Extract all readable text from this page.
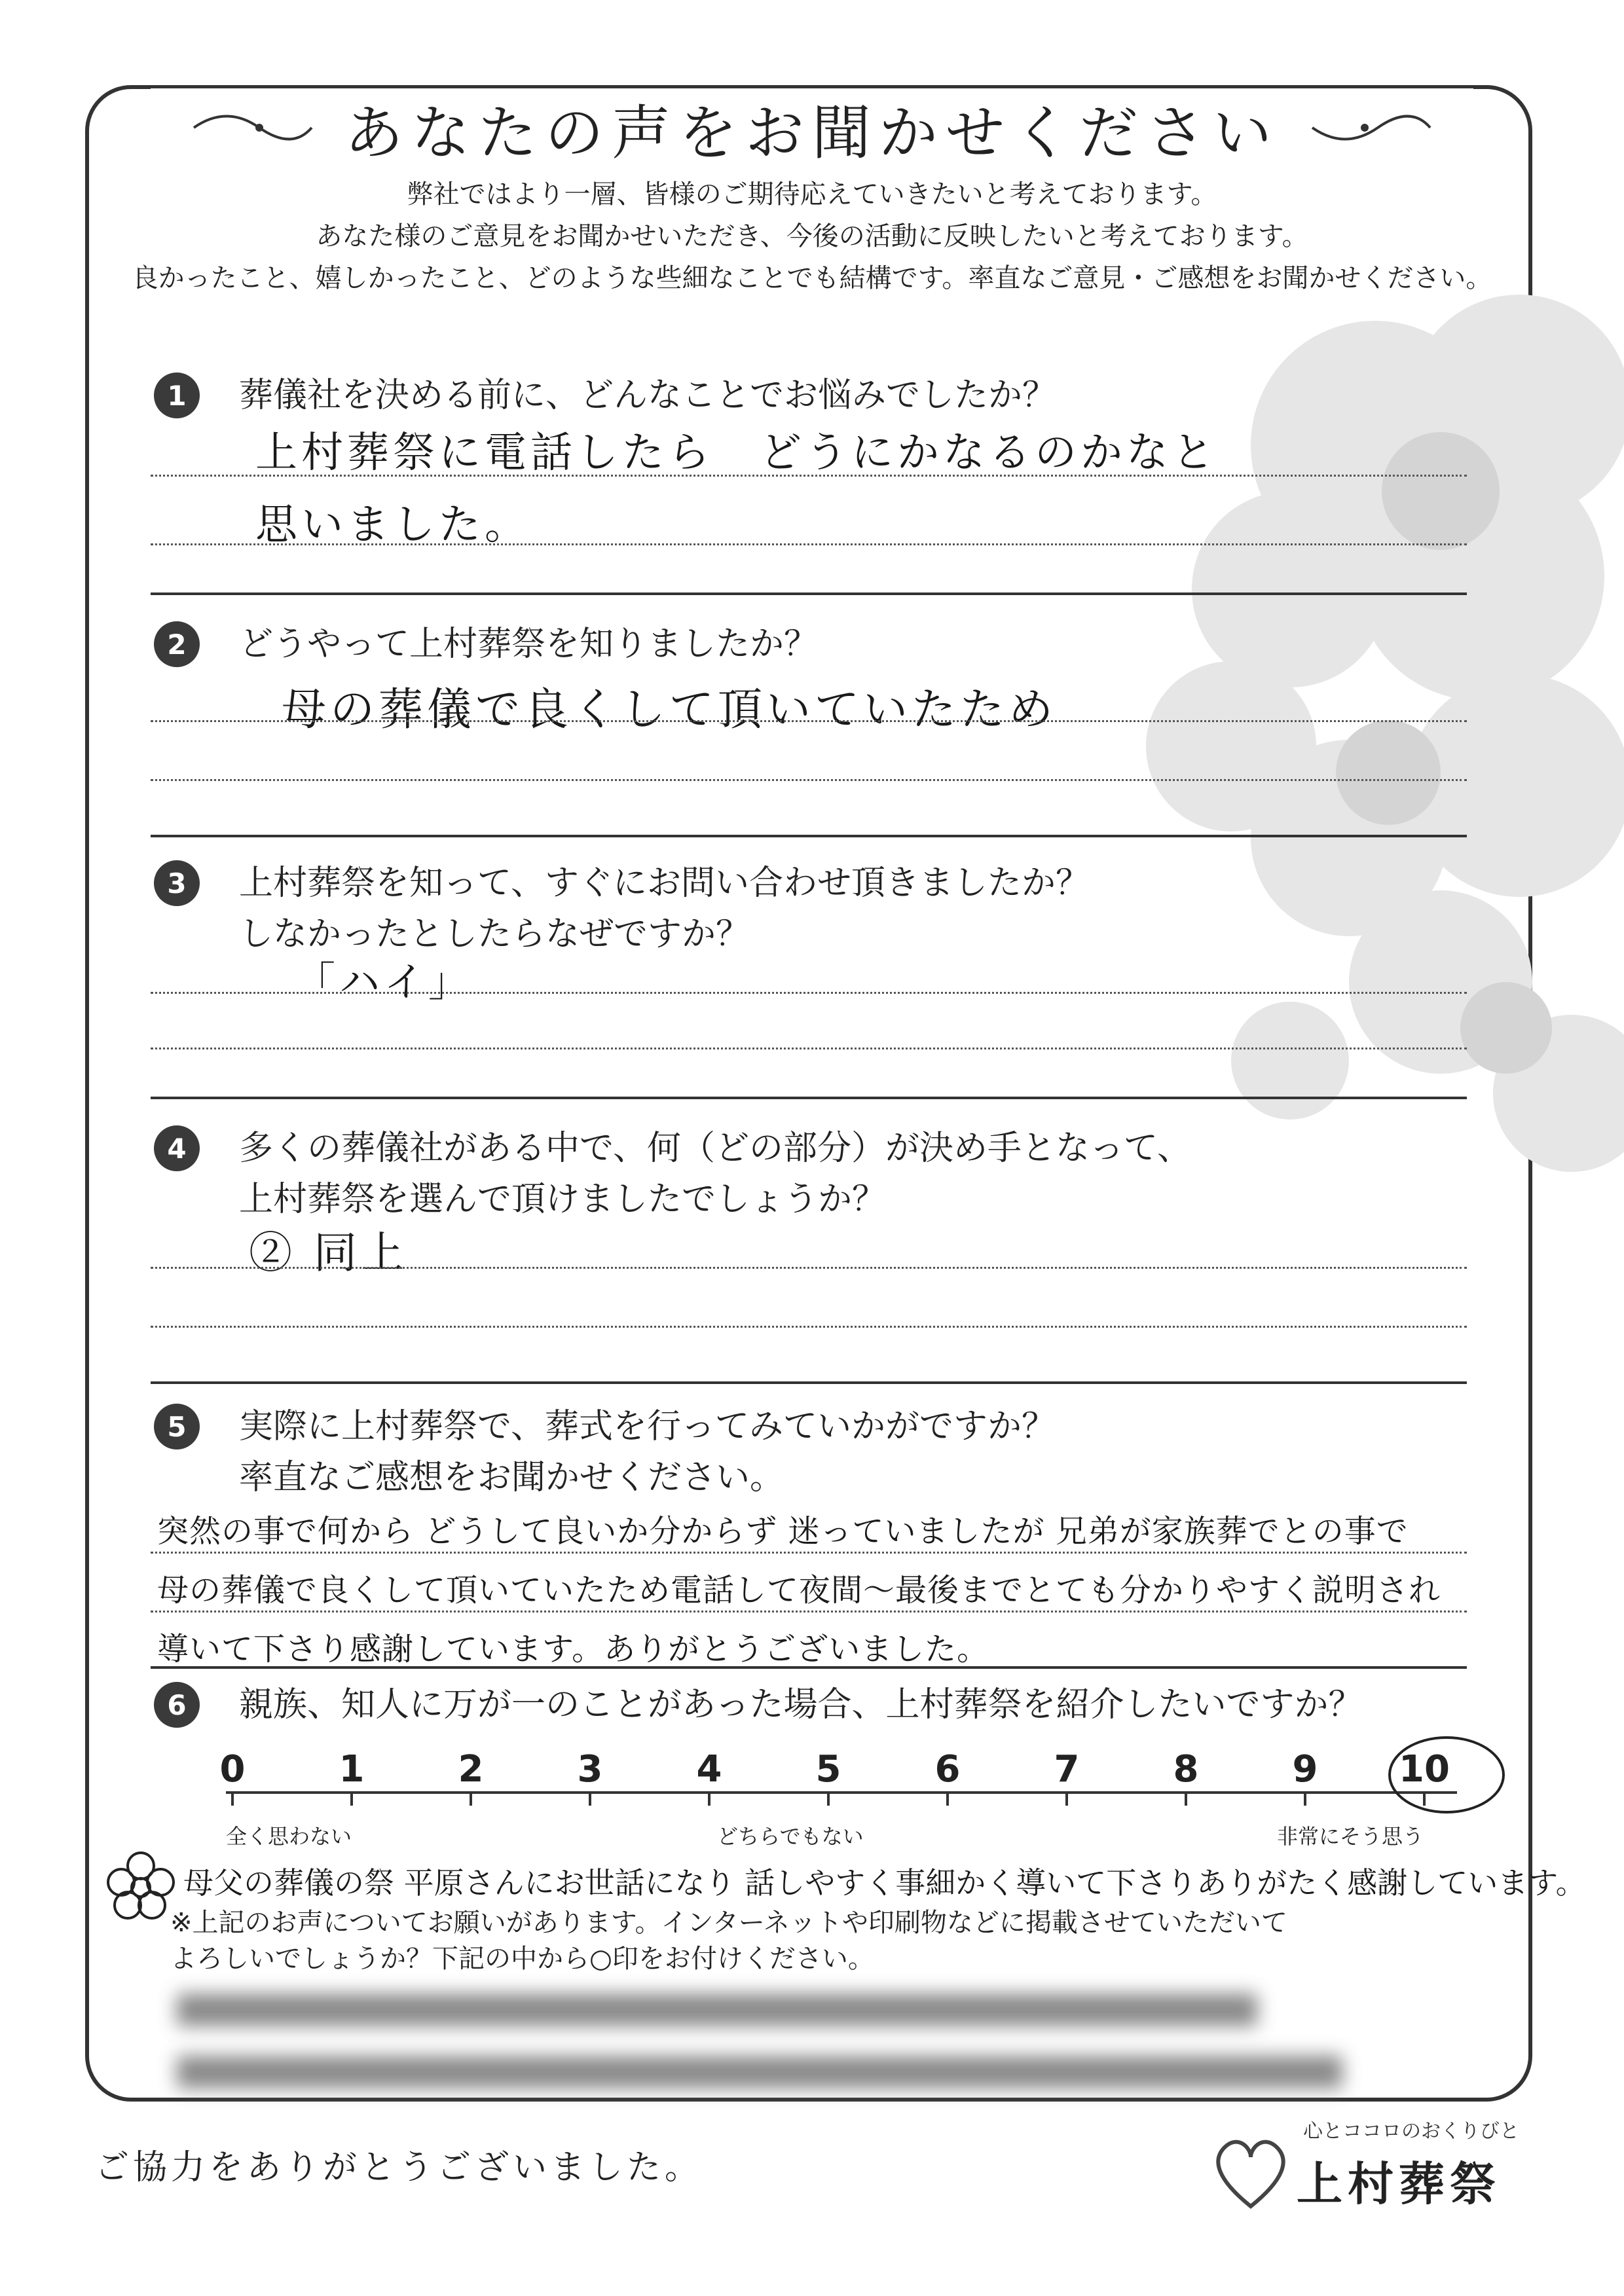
あなたの声をお聞かせください
弊社ではより一層、皆様のご期待応えていきたいと考えております。
あなた様のご意見をお聞かせいただき、今後の活動に反映したいと考えております。
良かったこと、嬉しかったこと、どのような些細なことでも結構です。率直なご意見・ご感想をお聞かせください。
1	葬儀社を決める前に、どんなことでお悩みでしたか？
上村葬祭に電話したら　どうにかなるのかなと
思いました。
2	どうやって上村葬祭を知りましたか？
母の葬儀で良くして頂いていたため
3	上村葬祭を知って、すぐにお問い合わせ頂きましたか？
しなかったとしたらなぜですか？
「ハイ」
4	多くの葬儀社がある中で、何（どの部分）が決め手となって、
上村葬祭を選んで頂けましたでしょうか？
② 同上
5	実際に上村葬祭で、葬式を行ってみていかがですか？
率直なご感想をお聞かせください。
突然の事で何から どうして良いか分からず 迷っていましたが 兄弟が家族葬でとの事で
母の葬儀で良くして頂いていたため電話して夜間～最後までとても分かりやすく説明され
導いて下さり感謝しています。ありがとうございました。
6	親族、知人に万が一のことがあった場合、上村葬祭を紹介したいですか？
0	1	2	3	4	5	6	7	8	9	10
全く思わない	どちらでもない	非常にそう思う
母父の葬儀の祭 平原さんにお世話になり 話しやすく事細かく導いて下さりありがたく感謝しています。
※上記のお声についてお願いがあります。インターネットや印刷物などに掲載させていただいて
よろしいでしょうか？下記の中から○印をお付けください。
ご協力をありがとうございました。
心とココロのおくりびと
上村葬祭
